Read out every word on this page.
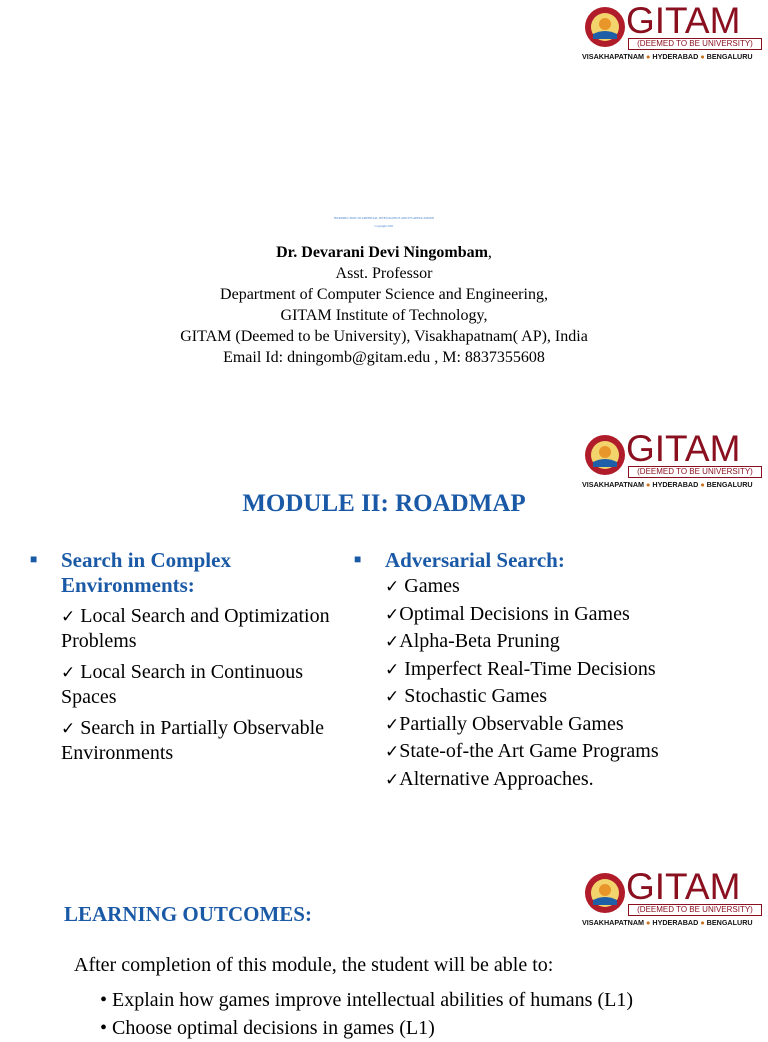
GITAM
(DEEMED TO BE UNIVERSITY)
VISAKHAPATNAM ● HYDERABAD ● BENGALURU
INTRODUCTION TO ARTIFICIAL INTELLIGENCE AND ITS APPLICATIONS
Copyright 2021
Dr. Devarani Devi Ningombam,
Asst. Professor
Department of Computer Science and Engineering,
GITAM Institute of Technology,
GITAM (Deemed to be University), Visakhapatnam( AP), India
Email Id: dningomb@gitam.edu , M: 8837355608
GITAM
(DEEMED TO BE UNIVERSITY)
VISAKHAPATNAM ● HYDERABAD ● BENGALURU
MODULE II: ROADMAP
■	Search in Complex Environments:
✓ Local Search and Optimization Problems
✓ Local Search in Continuous Spaces
✓ Search in Partially Observable Environments
■	Adversarial Search:
✓ Games
✓Optimal Decisions in Games
✓Alpha-Beta Pruning
✓ Imperfect Real-Time Decisions
✓ Stochastic Games
✓Partially Observable Games
✓State-of-the Art Game Programs
✓Alternative Approaches.
GITAM
(DEEMED TO BE UNIVERSITY)
VISAKHAPATNAM ● HYDERABAD ● BENGALURU
LEARNING OUTCOMES:
After completion of this module, the student will be able to:
• Explain how games improve intellectual abilities of humans (L1)
• Choose optimal decisions in games (L1)
